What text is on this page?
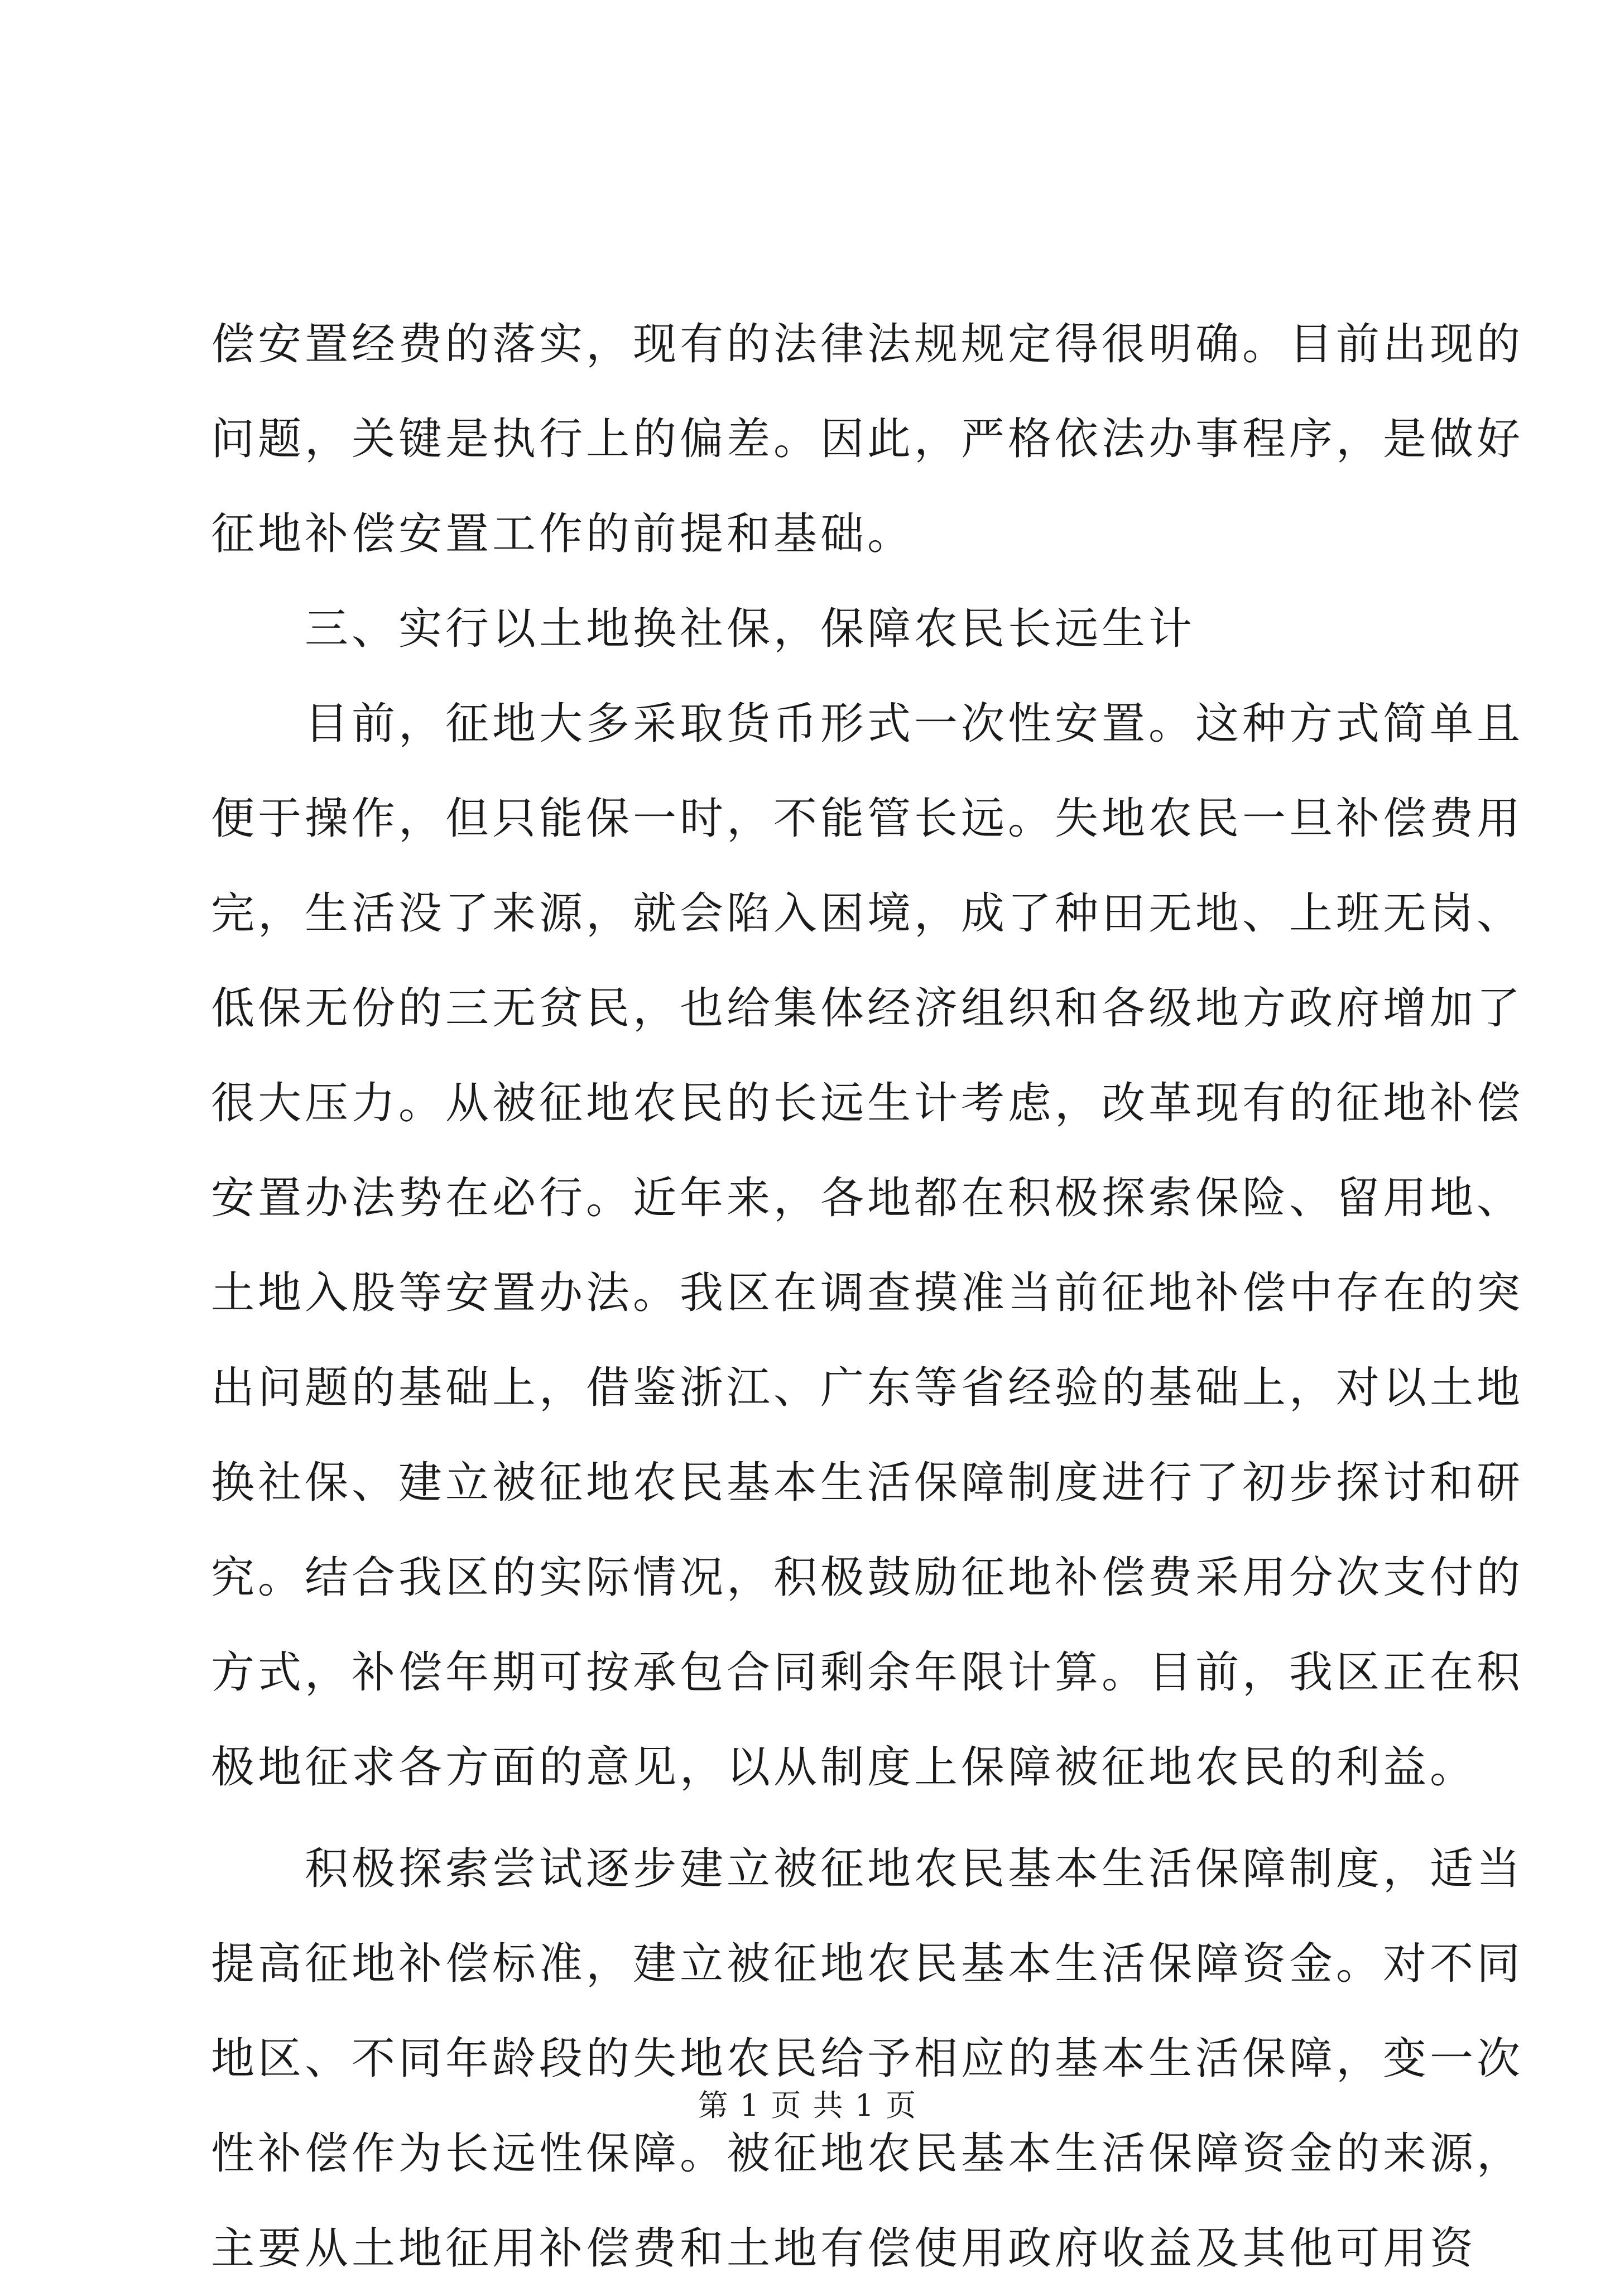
偿安置经费的落实，现有的法律法规规定得很明确。目前出现的
问题，关键是执行上的偏差。因此，严格依法办事程序，是做好
征地补偿安置工作的前提和基础。
三、实行以土地换社保，保障农民长远生计
目前，征地大多采取货币形式一次性安置。这种方式简单且
便于操作，但只能保一时，不能管长远。失地农民一旦补偿费用
完，生活没了来源，就会陷入困境，成了种田无地、上班无岗、
低保无份的三无贫民，也给集体经济组织和各级地方政府增加了
很大压力。从被征地农民的长远生计考虑，改革现有的征地补偿
安置办法势在必行。近年来，各地都在积极探索保险、留用地、
土地入股等安置办法。我区在调查摸准当前征地补偿中存在的突
出问题的基础上，借鉴浙江、广东等省经验的基础上，对以土地
换社保、建立被征地农民基本生活保障制度进行了初步探讨和研
究。结合我区的实际情况，积极鼓励征地补偿费采用分次支付的
方式，补偿年期可按承包合同剩余年限计算。目前，我区正在积
极地征求各方面的意见，以从制度上保障被征地农民的利益。
积极探索尝试逐步建立被征地农民基本生活保障制度，适当
提高征地补偿标准，建立被征地农民基本生活保障资金。对不同
地区、不同年龄段的失地农民给予相应的基本生活保障，变一次
性补偿作为长远性保障。被征地农民基本生活保障资金的来源，
主要从土地征用补偿费和土地有偿使用政府收益及其他可用资
第 1 页 共 1 页
